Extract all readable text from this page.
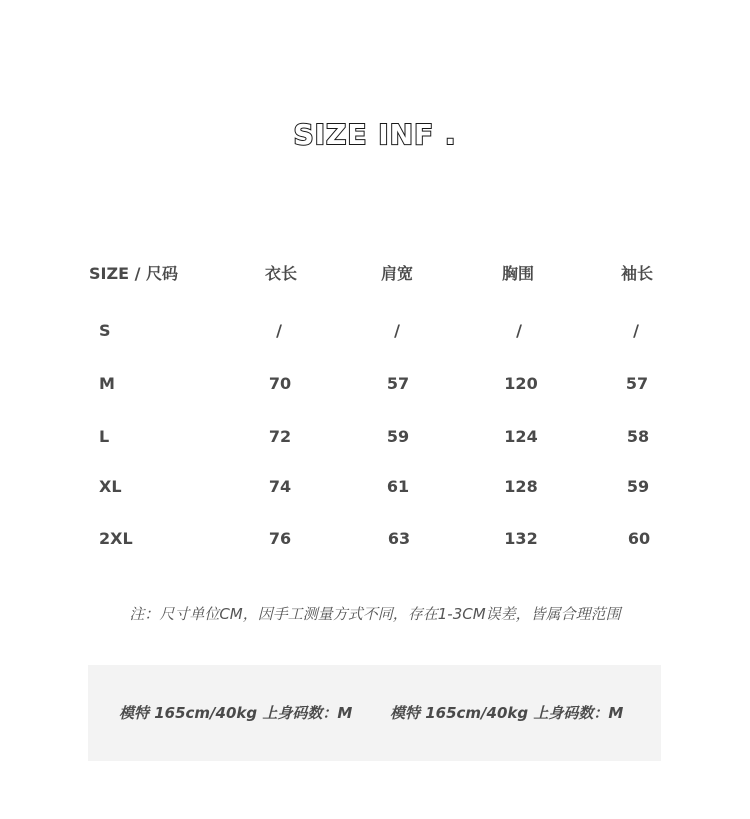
SIZE INF .
SIZE / 尺码	衣长	肩宽	胸围	袖长
S	/	/	/	/
M	70	57	120	57
L	72	59	124	58
XL	74	61	128	59
2XL	76	63	132	60
注：尺寸单位CM，因手工测量方式不同，存在1-3CM误差，皆属合理范围
模特 165cm/40kg 上身码数：M	模特 165cm/40kg 上身码数：M
